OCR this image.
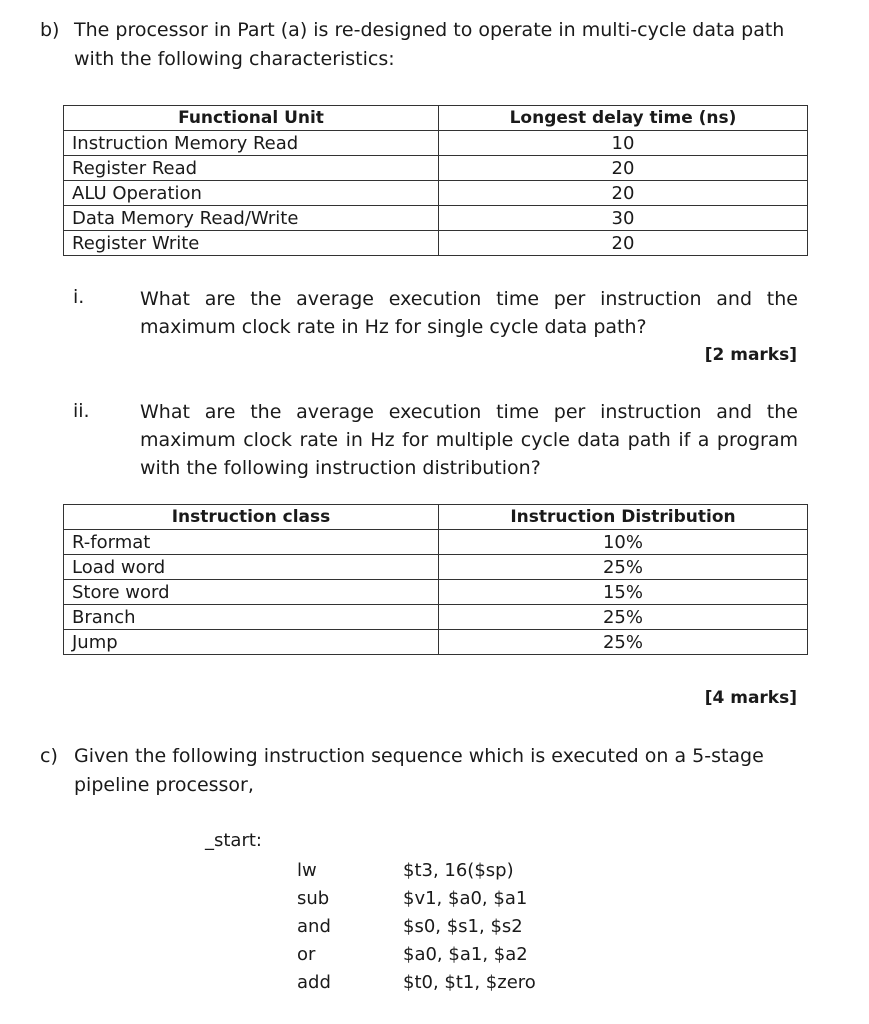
b) The processor in Part (a) is re-designed to operate in multi-cycle data path
with the following characteristics:
Functional Unit	Longest delay time (ns)
Instruction Memory Read	10
Register Read	20
ALU Operation	20
Data Memory Read/Write	30
Register Write	20
i.	What are the average execution time per instruction and the
maximum clock rate in Hz for single cycle data path?
[2 marks]
ii.	What are the average execution time per instruction and the
maximum clock rate in Hz for multiple cycle data path if a program
with the following instruction distribution?
Instruction class	Instruction Distribution
R-format	10%
Load word	25%
Store word	15%
Branch	25%
Jump	25%
[4 marks]
c) Given the following instruction sequence which is executed on a 5-stage
pipeline processor,
_start:
lw	$t3, 16($sp)
sub	$v1, $a0, $a1
and	$s0, $s1, $s2
or	$a0, $a1, $a2
add	$t0, $t1, $zero
